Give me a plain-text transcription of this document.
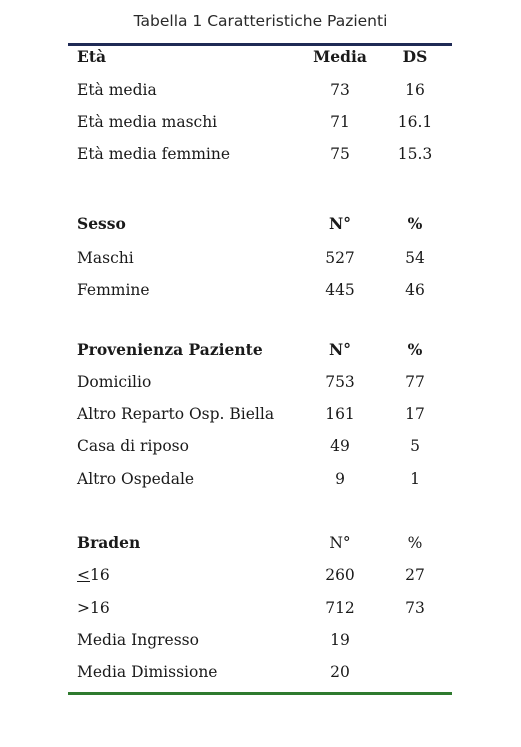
Tabella 1 Caratteristiche Pazienti
Età	Media	DS
Età media	73	16
Età media maschi	71	16.1
Età media femmine	75	15.3
Sesso	N°	%
Maschi	527	54
Femmine	445	46
Provenienza Paziente	N°	%
Domicilio	753	77
Altro Reparto Osp. Biella	161	17
Casa di riposo	49	5
Altro Ospedale	9	1
Braden	N°	%
<16	260	27
>16	712	73
Media Ingresso	19
Media Dimissione	20
